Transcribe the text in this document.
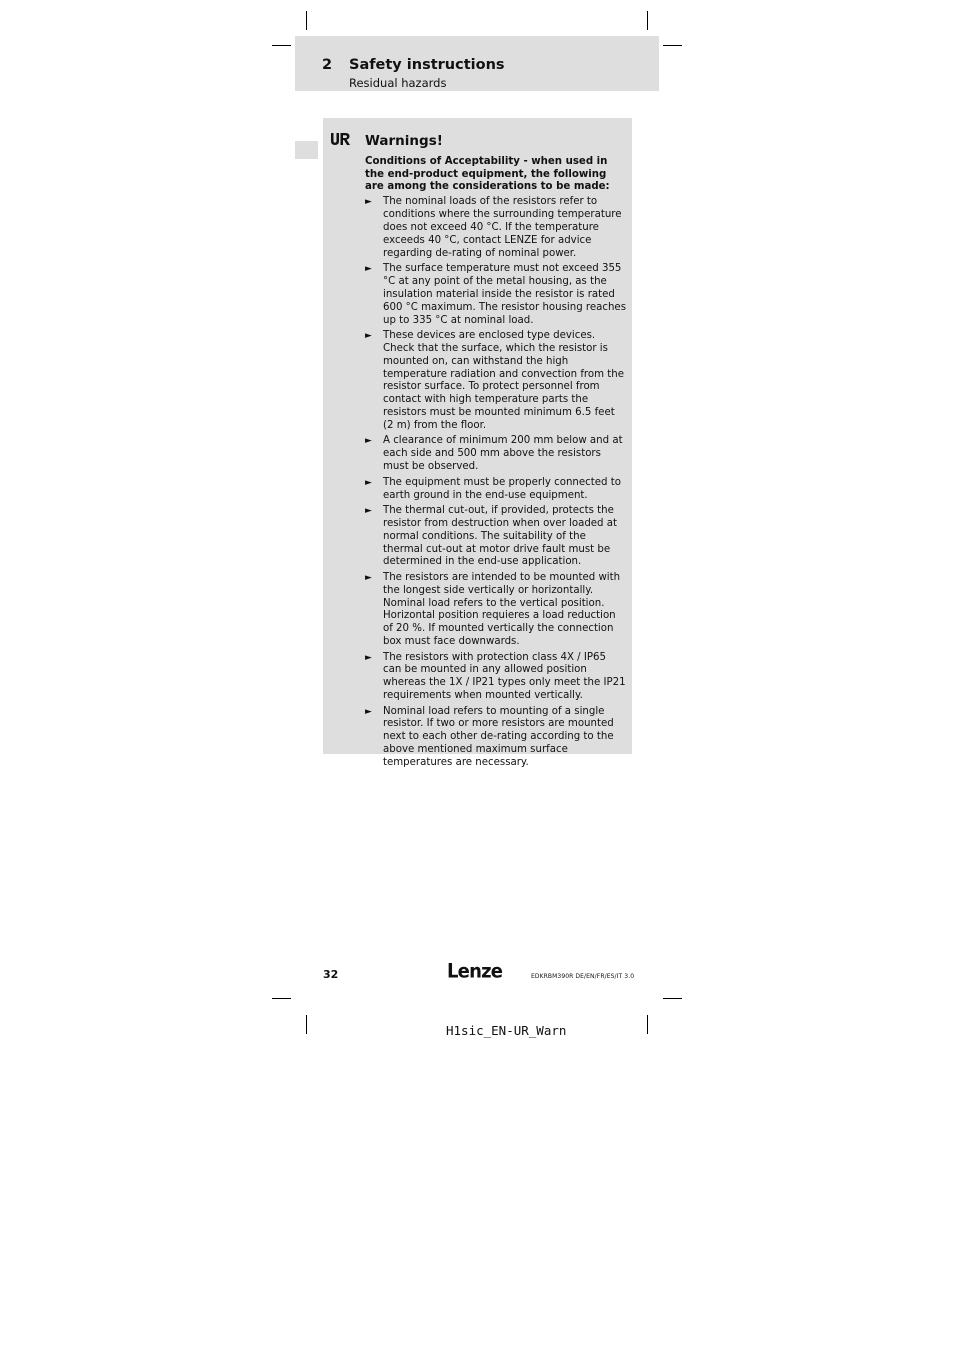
2 Safety instructions
Residual hazards
Warnings!
Conditions of Acceptability - when used in the end-product equipment, the following are among the considerations to be made:
► The nominal loads of the resistors refer to conditions where the surrounding temperature does not exceed 40 °C. If the temperature exceeds 40 °C, contact LENZE for advice regarding de-rating of nominal power.
► The surface temperature must not exceed 355 °C at any point of the metal housing, as the insulation material inside the resistor is rated 600 °C maximum. The resistor housing reaches up to 335 °C at nominal load.
► These devices are enclosed type devices. Check that the surface, which the resistor is mounted on, can withstand the high temperature radiation and convection from the resistor surface. To protect personnel from contact with high temperature parts the resistors must be mounted minimum 6.5 feet (2 m) from the floor.
► A clearance of minimum 200 mm below and at each side and 500 mm above the resistors must be observed.
► The equipment must be properly connected to earth ground in the end-use equipment.
► The thermal cut-out, if provided, protects the resistor from destruction when over loaded at normal conditions. The suitability of the thermal cut-out at motor drive fault must be determined in the end-use application.
► The resistors are intended to be mounted with the longest side vertically or horizontally. Nominal load refers to the vertical position. Horizontal position requieres a load reduction of 20 %. If mounted vertically the connection box must face downwards.
► The resistors with protection class 4X / IP65 can be mounted in any allowed position whereas the 1X / IP21 types only meet the IP21 requirements when mounted vertically.
► Nominal load refers to mounting of a single resistor. If two or more resistors are mounted next to each other de-rating according to the above mentioned maximum surface temperatures are necessary.
32	Lenze	EDKRBM390R DE/EN/FR/ES/IT 3.0
H1sic_EN-UR_Warn
